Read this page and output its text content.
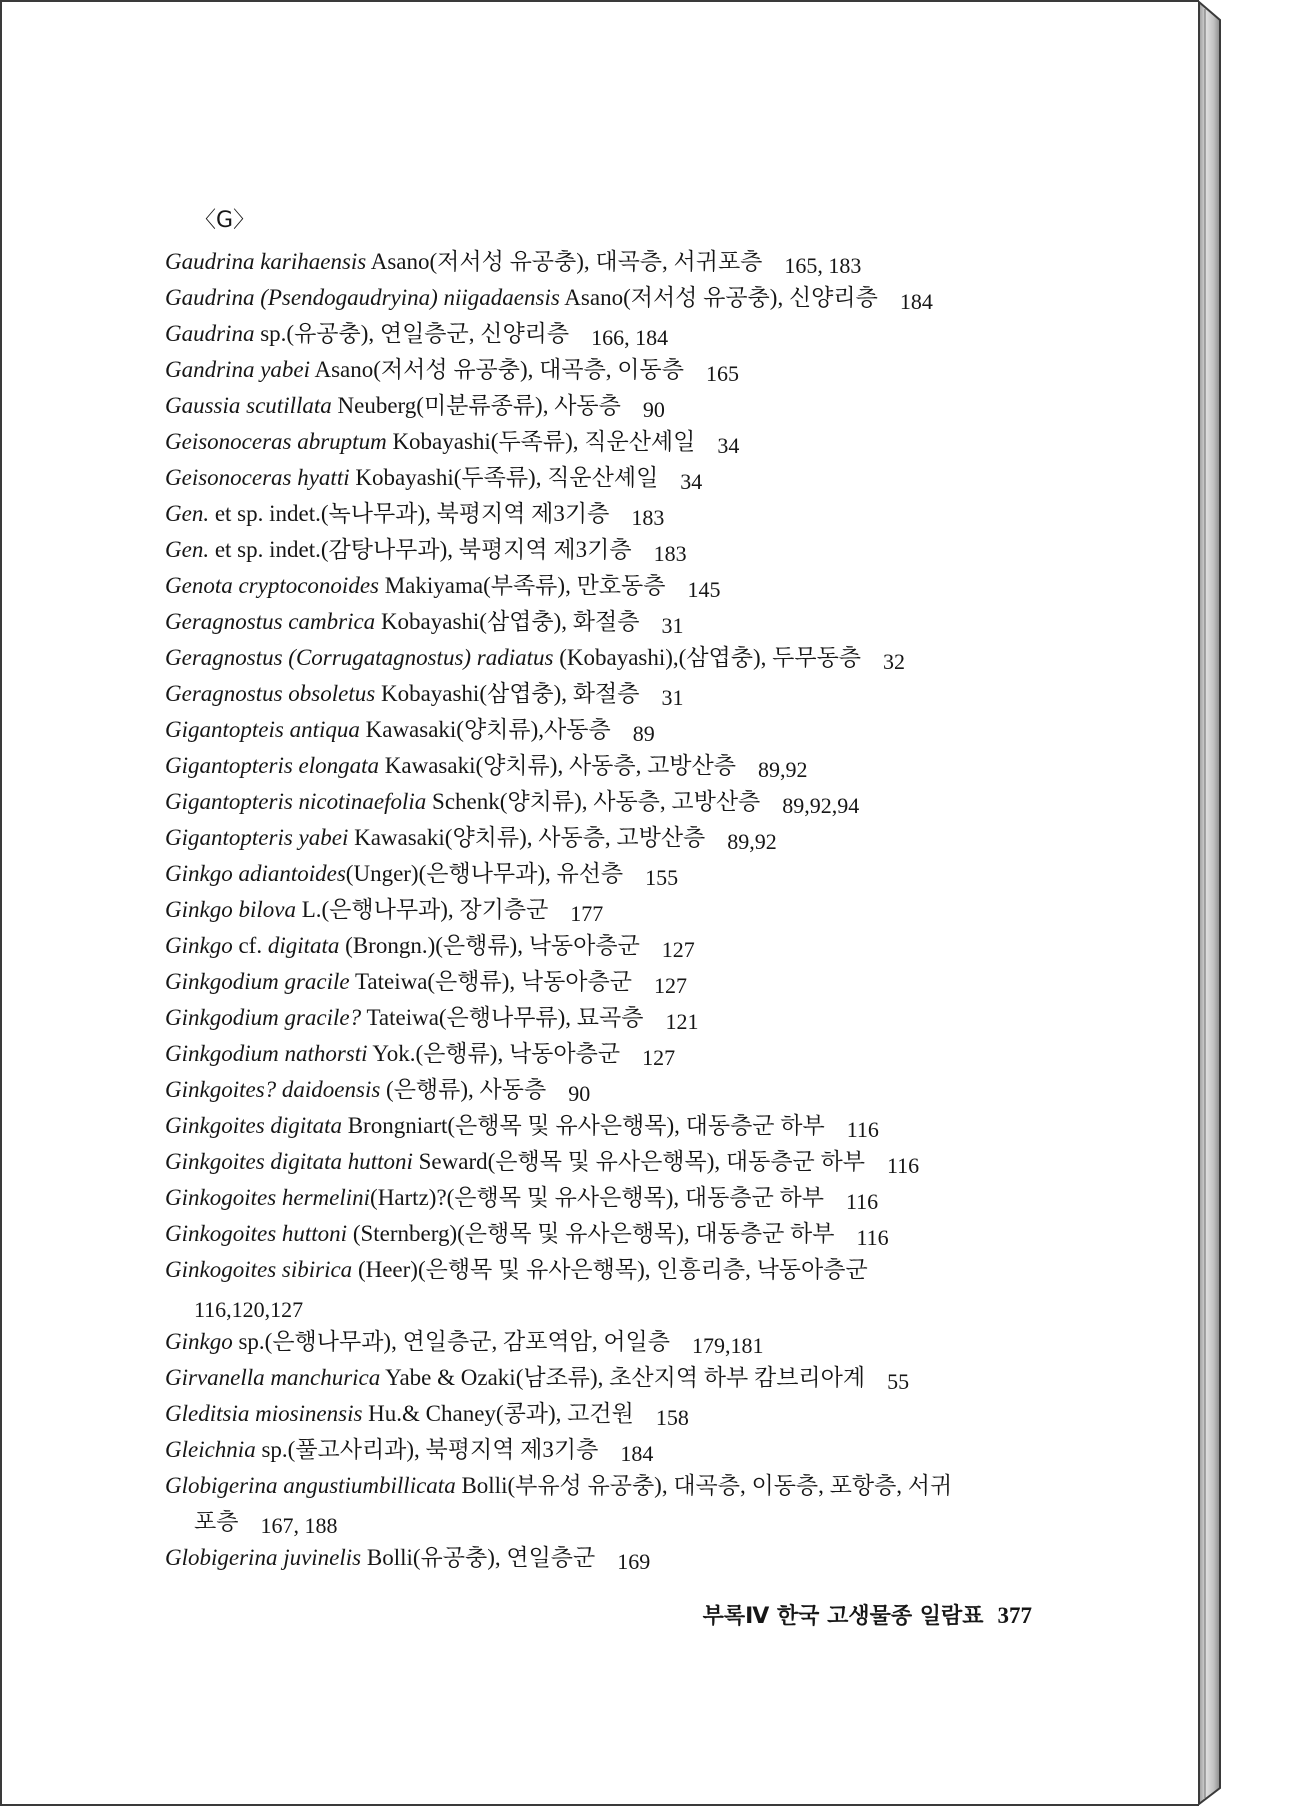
〈G〉
Gaudrina karihaensis Asano(저서성 유공충), 대곡층, 서귀포층 165, 183
Gaudrina (Psendogaudryina) niigadaensis Asano(저서성 유공충), 신양리층 184
Gaudrina sp.(유공충), 연일층군, 신양리층 166, 184
Gandrina yabei Asano(저서성 유공충), 대곡층, 이동층 165
Gaussia scutillata Neuberg(미분류종류), 사동층 90
Geisonoceras abruptum Kobayashi(두족류), 직운산셰일 34
Geisonoceras hyatti Kobayashi(두족류), 직운산셰일 34
Gen. et sp. indet.(녹나무과), 북평지역 제3기층 183
Gen. et sp. indet.(감탕나무과), 북평지역 제3기층 183
Genota cryptoconoides Makiyama(부족류), 만호동층 145
Geragnostus cambrica Kobayashi(삼엽충), 화절층 31
Geragnostus (Corrugatagnostus) radiatus (Kobayashi),(삼엽충), 두무동층 32
Geragnostus obsoletus Kobayashi(삼엽충), 화절층 31
Gigantopteis antiqua Kawasaki(양치류),사동층 89
Gigantopteris elongata Kawasaki(양치류), 사동층, 고방산층 89,92
Gigantopteris nicotinaefolia Schenk(양치류), 사동층, 고방산층 89,92,94
Gigantopteris yabei Kawasaki(양치류), 사동층, 고방산층 89,92
Ginkgo adiantoides(Unger)(은행나무과), 유선층 155
Ginkgo bilova L.(은행나무과), 장기층군 177
Ginkgo cf. digitata (Brongn.)(은행류), 낙동아층군 127
Ginkgodium gracile Tateiwa(은행류), 낙동아층군 127
Ginkgodium gracile? Tateiwa(은행나무류), 묘곡층 121
Ginkgodium nathorsti Yok.(은행류), 낙동아층군 127
Ginkgoites? daidoensis (은행류), 사동층 90
Ginkgoites digitata Brongniart(은행목 및 유사은행목), 대동층군 하부 116
Ginkgoites digitata huttoni Seward(은행목 및 유사은행목), 대동층군 하부 116
Ginkogoites hermelini(Hartz)?(은행목 및 유사은행목), 대동층군 하부 116
Ginkogoites huttoni (Sternberg)(은행목 및 유사은행목), 대동층군 하부 116
Ginkogoites sibirica (Heer)(은행목 및 유사은행목), 인흥리층, 낙동아층군
116,120,127
Ginkgo sp.(은행나무과), 연일층군, 감포역암, 어일층 179,181
Girvanella manchurica Yabe & Ozaki(남조류), 초산지역 하부 캄브리아계 55
Gleditsia miosinensis Hu.& Chaney(콩과), 고건원 158
Gleichnia sp.(풀고사리과), 북평지역 제3기층 184
Globigerina angustiumbillicata Bolli(부유성 유공충), 대곡층, 이동층, 포항층, 서귀
포층 167, 188
Globigerina juvinelis Bolli(유공충), 연일층군 169
부록Ⅳ 한국 고생물종 일람표 377
